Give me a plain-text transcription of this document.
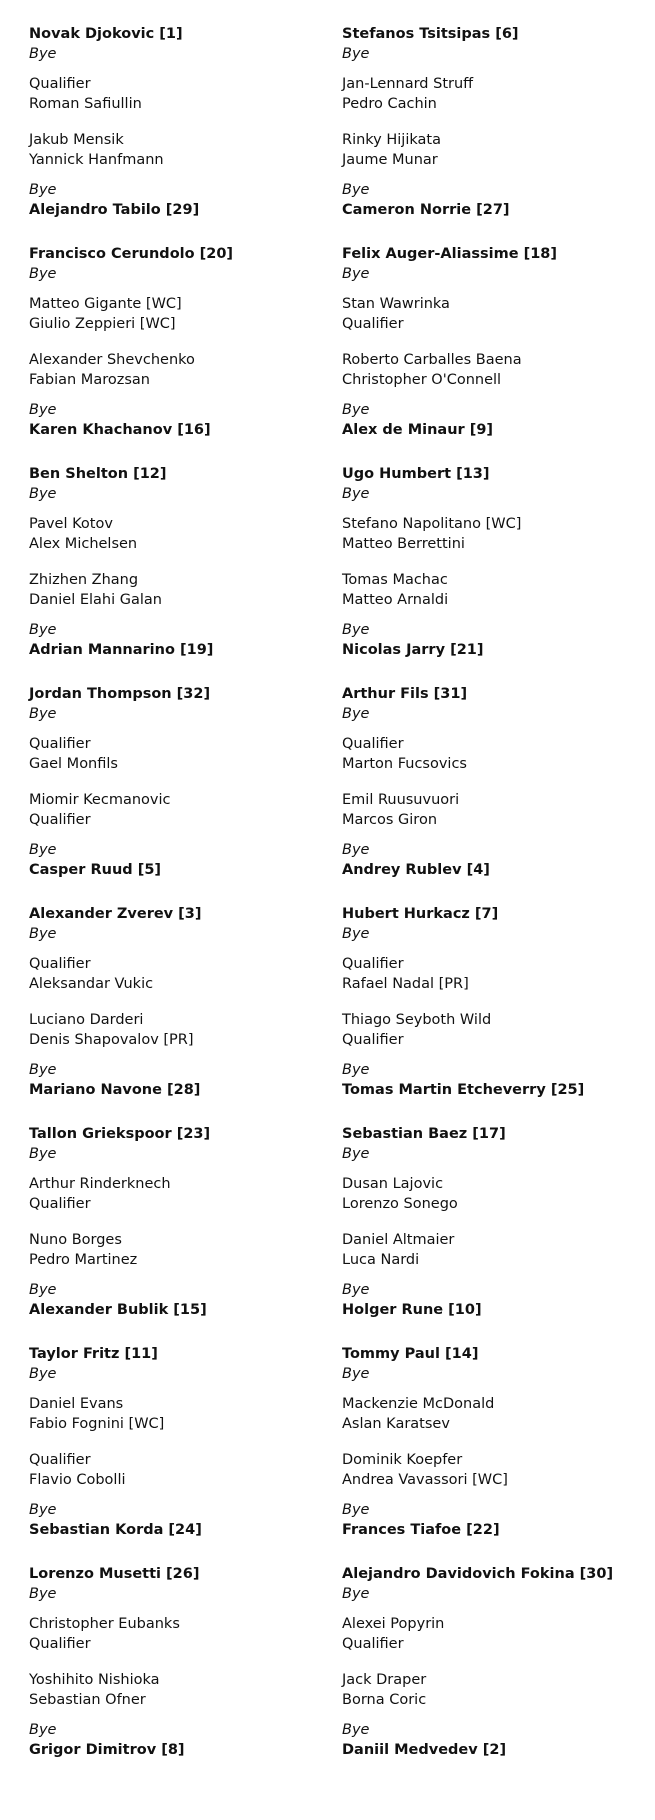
Novak Djokovic [1]
Bye
Qualifier
Roman Safiullin
Jakub Mensik
Yannick Hanfmann
Bye
Alejandro Tabilo [29]
Francisco Cerundolo [20]
Bye
Matteo Gigante [WC]
Giulio Zeppieri [WC]
Alexander Shevchenko
Fabian Marozsan
Bye
Karen Khachanov [16]
Ben Shelton [12]
Bye
Pavel Kotov
Alex Michelsen
Zhizhen Zhang
Daniel Elahi Galan
Bye
Adrian Mannarino [19]
Jordan Thompson [32]
Bye
Qualifier
Gael Monfils
Miomir Kecmanovic
Qualifier
Bye
Casper Ruud [5]
Alexander Zverev [3]
Bye
Qualifier
Aleksandar Vukic
Luciano Darderi
Denis Shapovalov [PR]
Bye
Mariano Navone [28]
Tallon Griekspoor [23]
Bye
Arthur Rinderknech
Qualifier
Nuno Borges
Pedro Martinez
Bye
Alexander Bublik [15]
Taylor Fritz [11]
Bye
Daniel Evans
Fabio Fognini [WC]
Qualifier
Flavio Cobolli
Bye
Sebastian Korda [24]
Lorenzo Musetti [26]
Bye
Christopher Eubanks
Qualifier
Yoshihito Nishioka
Sebastian Ofner
Bye
Grigor Dimitrov [8]
Stefanos Tsitsipas [6]
Bye
Jan-Lennard Struff
Pedro Cachin
Rinky Hijikata
Jaume Munar
Bye
Cameron Norrie [27]
Felix Auger-Aliassime [18]
Bye
Stan Wawrinka
Qualifier
Roberto Carballes Baena
Christopher O'Connell
Bye
Alex de Minaur [9]
Ugo Humbert [13]
Bye
Stefano Napolitano [WC]
Matteo Berrettini
Tomas Machac
Matteo Arnaldi
Bye
Nicolas Jarry [21]
Arthur Fils [31]
Bye
Qualifier
Marton Fucsovics
Emil Ruusuvuori
Marcos Giron
Bye
Andrey Rublev [4]
Hubert Hurkacz [7]
Bye
Qualifier
Rafael Nadal [PR]
Thiago Seyboth Wild
Qualifier
Bye
Tomas Martin Etcheverry [25]
Sebastian Baez [17]
Bye
Dusan Lajovic
Lorenzo Sonego
Daniel Altmaier
Luca Nardi
Bye
Holger Rune [10]
Tommy Paul [14]
Bye
Mackenzie McDonald
Aslan Karatsev
Dominik Koepfer
Andrea Vavassori [WC]
Bye
Frances Tiafoe [22]
Alejandro Davidovich Fokina [30]
Bye
Alexei Popyrin
Qualifier
Jack Draper
Borna Coric
Bye
Daniil Medvedev [2]
